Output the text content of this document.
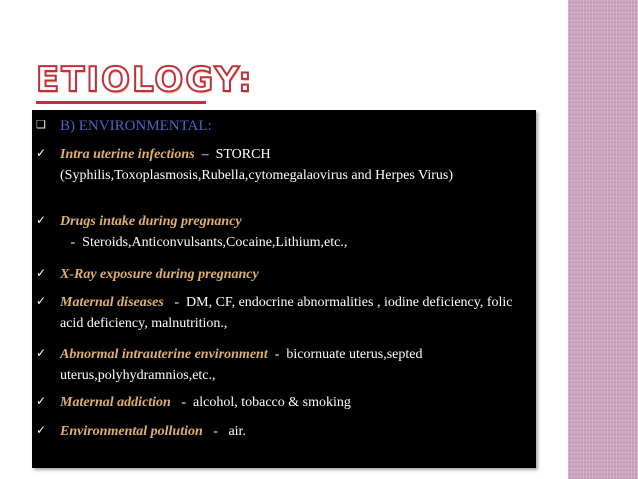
ETIOLOGY:
❑ B) ENVIRONMENTAL:
✓ Intra uterine infections  –  STORCH (Syphilis,Toxoplasmosis,Rubella,cytomegalaovirus and Herpes Virus)
✓ Drugs intake during pregnancy   -  Steroids,Anticonvulsants,Cocaine,Lithium,etc.,
✓ X-Ray exposure during pregnancy
✓ Maternal diseases   -  DM, CF, endocrine abnormalities , iodine deficiency, folic acid deficiency, malnutrition.,
✓ Abnormal intrauterine environment  -  bicornuate uterus,septed uterus,polyhydramnios,etc.,
✓ Maternal addiction   -  alcohol, tobacco & smoking
✓ Environmental pollution   -   air.
